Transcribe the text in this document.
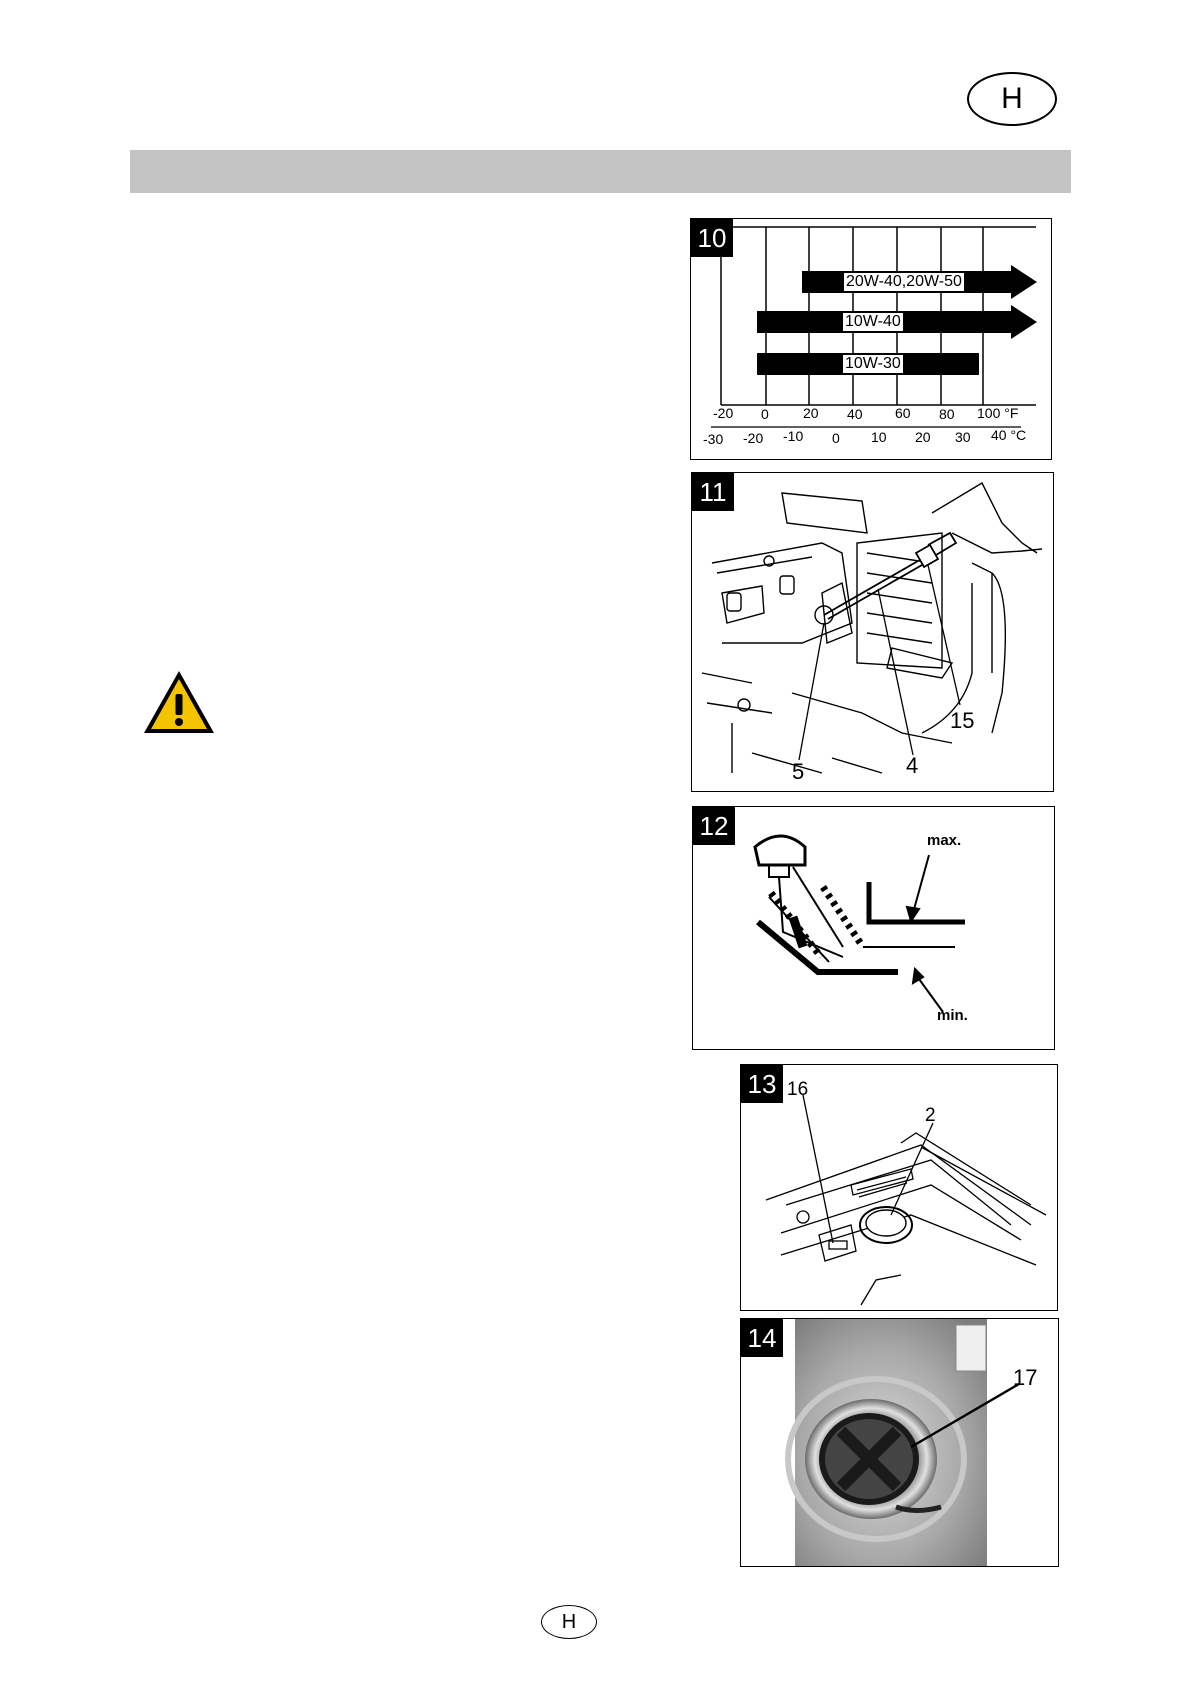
H
10
20W-40,20W-50
10W-40
10W-30
-20 0 20 40 60 80 100 °F
-30 -20 -10 0 10 20 30 40 °C
11
5	4
15
12	max.
min.
13 16
2
14
17
H
